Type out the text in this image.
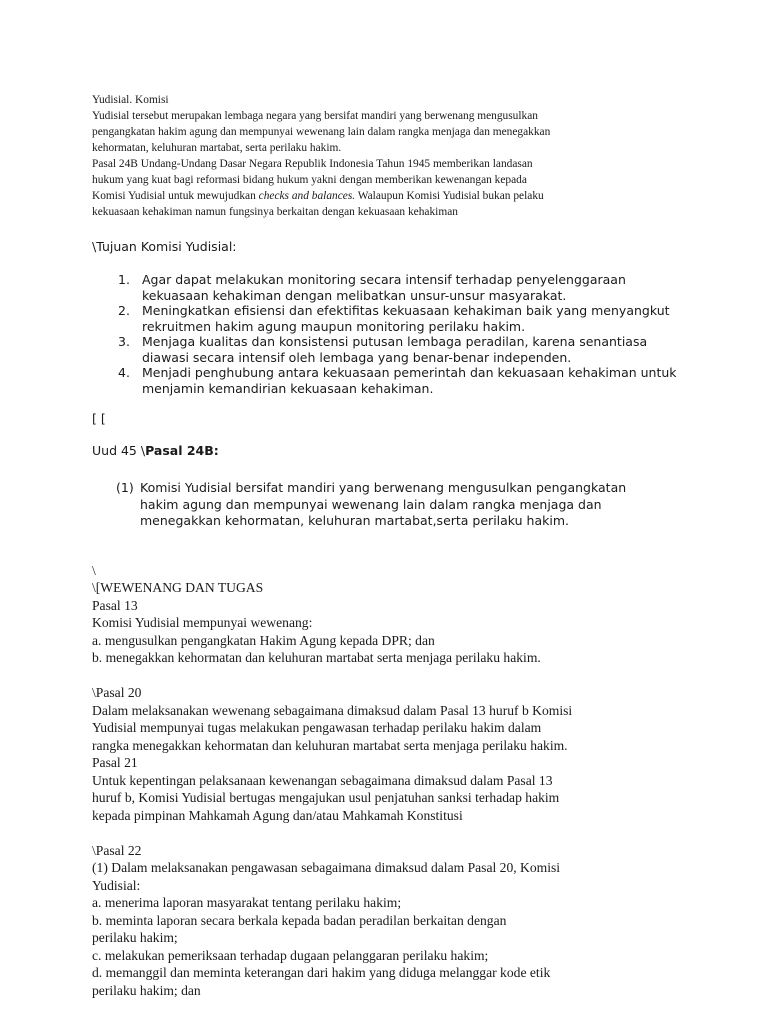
Yudisial. Komisi
Yudisial tersebut merupakan lembaga negara yang bersifat mandiri yang berwenang mengusulkan
pengangkatan hakim agung dan mempunyai wewenang lain dalam rangka menjaga dan menegakkan
kehormatan, keluhuran martabat, serta perilaku hakim.
Pasal 24B Undang-Undang Dasar Negara Republik Indonesia Tahun 1945 memberikan landasan
hukum yang kuat bagi reformasi bidang hukum yakni dengan memberikan kewenangan kepada
Komisi Yudisial untuk mewujudkan checks and balances. Walaupun Komisi Yudisial bukan pelaku
kekuasaan kehakiman namun fungsinya berkaitan dengan kekuasaan kehakiman
\Tujuan Komisi Yudisial:
1. Agar dapat melakukan monitoring secara intensif terhadap penyelenggaraan kekuasaan kehakiman dengan melibatkan unsur-unsur masyarakat.
2. Meningkatkan efisiensi dan efektifitas kekuasaan kehakiman baik yang menyangkut rekruitmen hakim agung maupun monitoring perilaku hakim.
3. Menjaga kualitas dan konsistensi putusan lembaga peradilan, karena senantiasa diawasi secara intensif oleh lembaga yang benar-benar independen.
4. Menjadi penghubung antara kekuasaan pemerintah dan kekuasaan kehakiman untuk menjamin kemandirian kekuasaan kehakiman.
[ [
Uud 45 \Pasal 24B:
(1) Komisi Yudisial bersifat mandiri yang berwenang mengusulkan pengangkatan hakim agung dan mempunyai wewenang lain dalam rangka menjaga dan menegakkan kehormatan, keluhuran martabat,serta perilaku hakim.
\
\[WEWENANG DAN TUGAS
Pasal 13
Komisi Yudisial mempunyai wewenang:
a. mengusulkan pengangkatan Hakim Agung kepada DPR; dan
b. menegakkan kehormatan dan keluhuran martabat serta menjaga perilaku hakim.
\Pasal 20
Dalam melaksanakan wewenang sebagaimana dimaksud dalam Pasal 13 huruf b Komisi
Yudisial mempunyai tugas melakukan pengawasan terhadap perilaku hakim dalam
rangka menegakkan kehormatan dan keluhuran martabat serta menjaga perilaku hakim.
Pasal 21
Untuk kepentingan pelaksanaan kewenangan sebagaimana dimaksud dalam Pasal 13
huruf b, Komisi Yudisial bertugas mengajukan usul penjatuhan sanksi terhadap hakim
kepada pimpinan Mahkamah Agung dan/atau Mahkamah Konstitusi
\Pasal 22
(1) Dalam melaksanakan pengawasan sebagaimana dimaksud dalam Pasal 20, Komisi
Yudisial:
a. menerima laporan masyarakat tentang perilaku hakim;
b. meminta laporan secara berkala kepada badan peradilan berkaitan dengan
perilaku hakim;
c. melakukan pemeriksaan terhadap dugaan pelanggaran perilaku hakim;
d. memanggil dan meminta keterangan dari hakim yang diduga melanggar kode etik
perilaku hakim; dan
